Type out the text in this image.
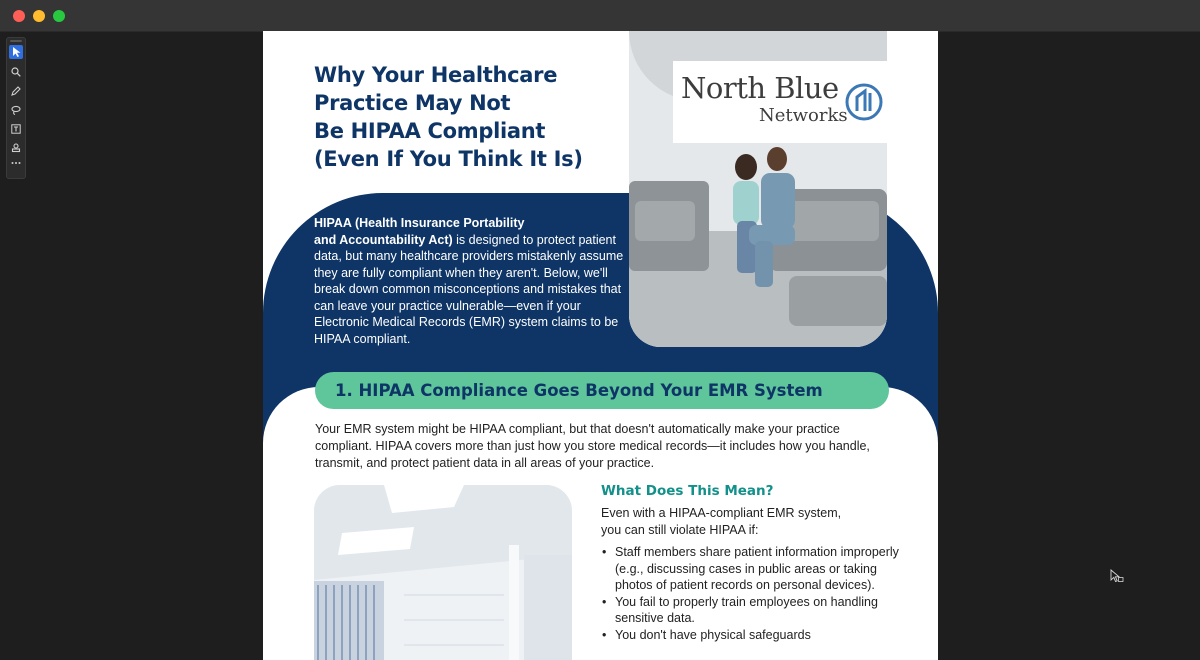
Why Your Healthcare
Practice May Not
Be HIPAA Compliant
(Even If You Think It Is)
North Blue
Networks

HIPAA (Health Insurance Portability
and Accountability Act) is designed to protect patient data, but many healthcare providers mistakenly assume they are fully compliant when they aren't. Below, we'll break down common misconceptions and mistakes that can leave your practice vulnerable—even if your Electronic Medical Records (EMR) system claims to be HIPAA compliant.

1. HIPAA Compliance Goes Beyond Your EMR System

Your EMR system might be HIPAA compliant, but that doesn't automatically make your practice compliant. HIPAA covers more than just how you store medical records—it includes how you handle, transmit, and protect patient data in all areas of your practice.

What Does This Mean?

Even with a HIPAA-compliant EMR system,
you can still violate HIPAA if:

• Staff members share patient information improperly (e.g., discussing cases in public areas or taking photos of patient records on personal devices).
• You fail to properly train employees on handling sensitive data.
• You don't have physical safeguards
